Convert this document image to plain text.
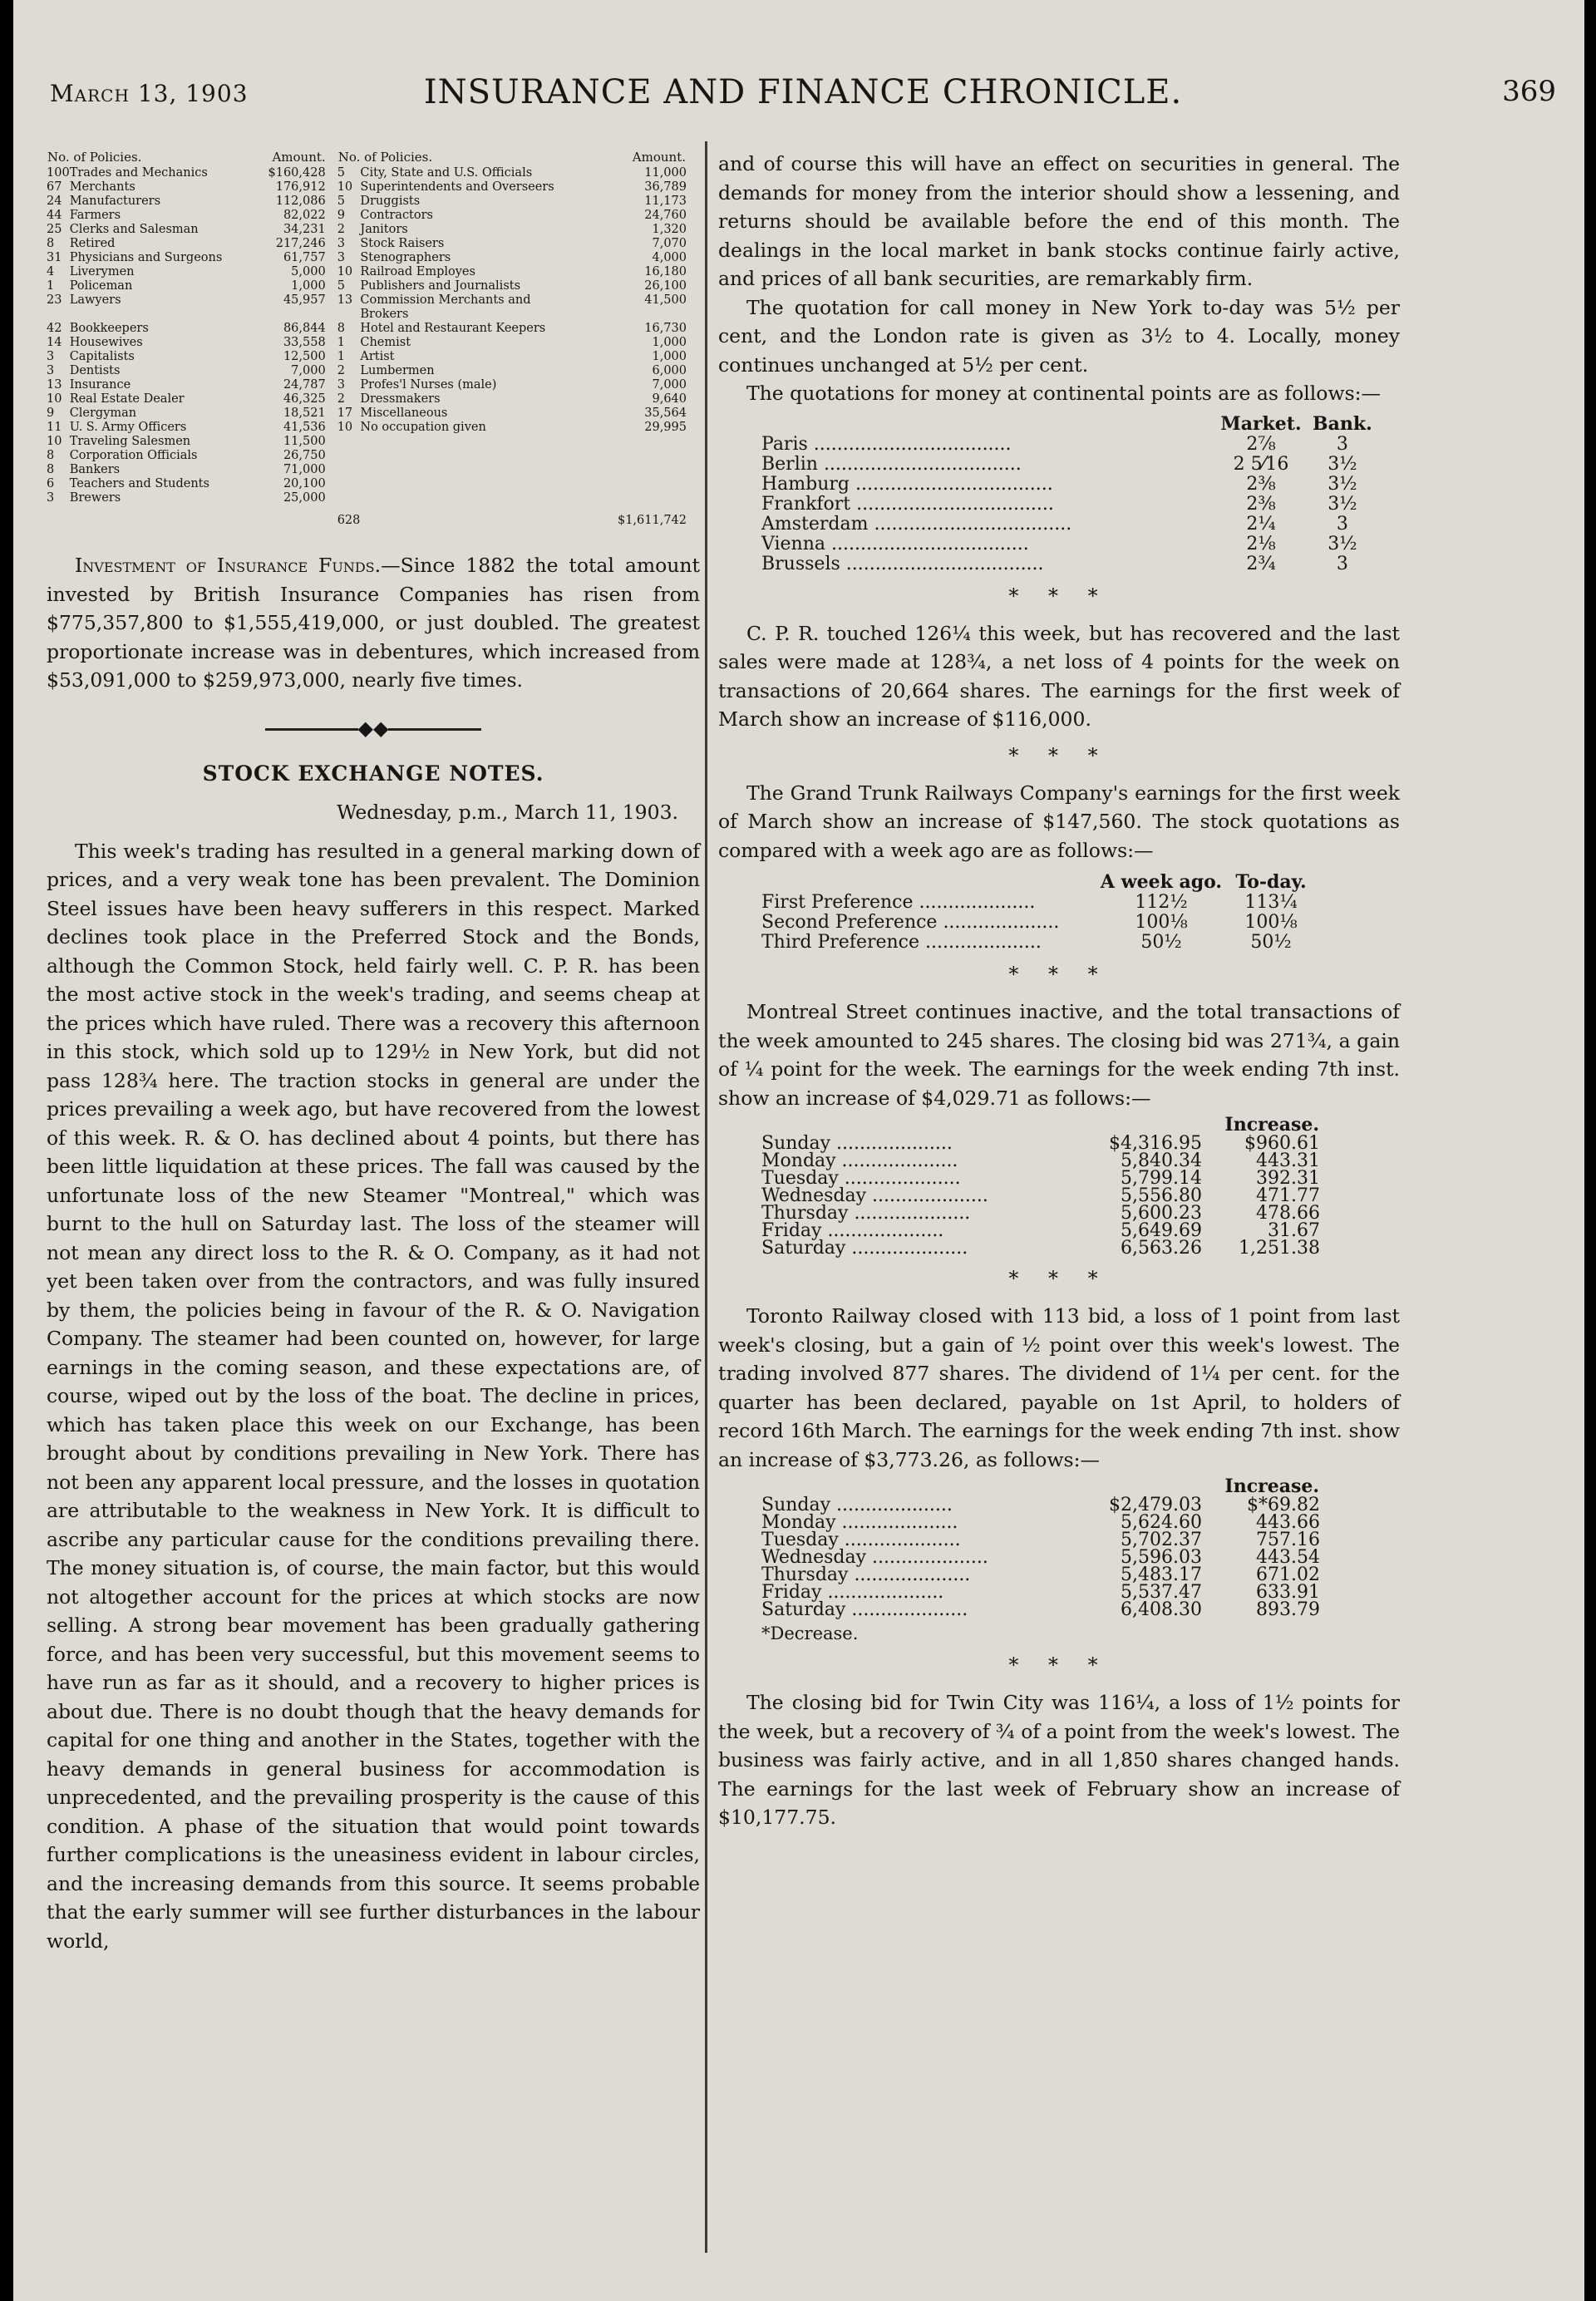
March 13, 1903	INSURANCE AND FINANCE CHRONICLE.	369
No. of Policies.		Amount.	No. of Policies.		Amount.
100	Trades and Mechanics	$160,428	5	City, State and U.S. Officials	11,000
67	Merchants	176,912	10	Superintendents and Overseers	36,789
24	Manufacturers	112,086	5	Druggists	11,173
44	Farmers	82,022	9	Contractors	24,760
25	Clerks and Salesman	34,231	2	Janitors	1,320
8	Retired	217,246	3	Stock Raisers	7,070
31	Physicians and Surgeons	61,757	3	Stenographers	4,000
4	Liverymen	5,000	10	Railroad Employes	16,180
1	Policeman	1,000	5	Publishers and Journalists	26,100
23	Lawyers	45,957	13	Commission Merchants and Brokers	41,500
42	Bookkeepers	86,844	8	Hotel and Restaurant Keepers	16,730
14	Housewives	33,558	1	Chemist	1,000
3	Capitalists	12,500	1	Artist	1,000
3	Dentists	7,000	2	Lumbermen	6,000
13	Insurance	24,787	3	Profes'l Nurses (male)	7,000
10	Real Estate Dealer	46,325	2	Dressmakers	9,640
9	Clergyman	18,521	17	Miscellaneous	35,564
11	U. S. Army Officers	41,536	10	No occupation given	29,995
10	Traveling Salesmen	11,500			
8	Corporation Officials	26,750			
8	Bankers	71,000			
6	Teachers and Students	20,100			
3	Brewers	25,000			
			628		$1,611,742

Investment of Insurance Funds.—Since 1882 the total amount invested by British Insurance Companies has risen from $775,357,800 to $1,555,419,000, or just doubled. The greatest proportionate increase was in debentures, which increased from $53,091,000 to $259,973,000, nearly five times.

◆◆
STOCK EXCHANGE NOTES.
Wednesday, p.m., March 11, 1903.

This week's trading has resulted in a general marking down of prices, and a very weak tone has been prevalent. The Dominion Steel issues have been heavy sufferers in this respect. Marked declines took place in the Preferred Stock and the Bonds, although the Common Stock, held fairly well. C. P. R. has been the most active stock in the week's trading, and seems cheap at the prices which have ruled. There was a recovery this afternoon in this stock, which sold up to 129½ in New York, but did not pass 128¾ here. The traction stocks in general are under the prices prevailing a week ago, but have recovered from the lowest of this week. R. & O. has declined about 4 points, but there has been little liquidation at these prices. The fall was caused by the unfortunate loss of the new Steamer "Montreal," which was burnt to the hull on Saturday last. The loss of the steamer will not mean any direct loss to the R. & O. Company, as it had not yet been taken over from the contractors, and was fully insured by them, the policies being in favour of the R. & O. Navigation Company. The steamer had been counted on, however, for large earnings in the coming season, and these expectations are, of course, wiped out by the loss of the boat. The decline in prices, which has taken place this week on our Exchange, has been brought about by conditions prevailing in New York. There has not been any apparent local pressure, and the losses in quotation are attributable to the weakness in New York. It is difficult to ascribe any particular cause for the conditions prevailing there. The money situation is, of course, the main factor, but this would not altogether account for the prices at which stocks are now selling. A strong bear movement has been gradually gathering force, and has been very successful, but this movement seems to have run as far as it should, and a recovery to higher prices is about due. There is no doubt though that the heavy demands for capital for one thing and another in the States, together with the heavy demands in general business for accommodation is unprecedented, and the prevailing prosperity is the cause of this condition. A phase of the situation that would point towards further complications is the uneasiness evident in labour circles, and the increasing demands from this source. It seems probable that the early summer will see further disturbances in the labour world,

and of course this will have an effect on securities in general. The demands for money from the interior should show a lessening, and returns should be available before the end of this month. The dealings in the local market in bank stocks continue fairly active, and prices of all bank securities, are remarkably firm.

The quotation for call money in New York to-day was 5½ per cent, and the London rate is given as 3½ to 4. Locally, money continues unchanged at 5½ per cent.

The quotations for money at continental points are as follows:—

	Market.	Bank.
Paris ..................................	2⅞	3
Berlin ..................................	2 5⁄16	3½
Hamburg ..................................	2⅜	3½
Frankfort ..................................	2⅜	3½
Amsterdam ..................................	2¼	3
Vienna ..................................	2⅛	3½
Brussels ..................................	2¾	3
* * *

C. P. R. touched 126¼ this week, but has recovered and the last sales were made at 128¾, a net loss of 4 points for the week on transactions of 20,664 shares. The earnings for the first week of March show an increase of $116,000.

* * *

The Grand Trunk Railways Company's earnings for the first week of March show an increase of $147,560. The stock quotations as compared with a week ago are as follows:—

	A week ago.	To-day.
First Preference ....................	112½	113¼
Second Preference ....................	100⅛	100⅛
Third Preference ....................	50½	50½
* * *

Montreal Street continues inactive, and the total transactions of the week amounted to 245 shares. The closing bid was 271¾, a gain of ¼ point for the week. The earnings for the week ending 7th inst. show an increase of $4,029.71 as follows:—

		Increase.
Sunday ....................	$4,316.95	$960.61
Monday ....................	5,840.34	443.31
Tuesday ....................	5,799.14	392.31
Wednesday ....................	5,556.80	471.77
Thursday ....................	5,600.23	478.66
Friday ....................	5,649.69	31.67
Saturday ....................	6,563.26	1,251.38
* * *

Toronto Railway closed with 113 bid, a loss of 1 point from last week's closing, but a gain of ½ point over this week's lowest. The trading involved 877 shares. The dividend of 1¼ per cent. for the quarter has been declared, payable on 1st April, to holders of record 16th March. The earnings for the week ending 7th inst. show an increase of $3,773.26, as follows:—

		Increase.
Sunday ....................	$2,479.03	$*69.82
Monday ....................	5,624.60	443.66
Tuesday ....................	5,702.37	757.16
Wednesday ....................	5,596.03	443.54
Thursday ....................	5,483.17	671.02
Friday ....................	5,537.47	633.91
Saturday ....................	6,408.30	893.79
*Decrease.
* * *

The closing bid for Twin City was 116¼, a loss of 1½ points for the week, but a recovery of ¾ of a point from the week's lowest. The business was fairly active, and in all 1,850 shares changed hands. The earnings for the last week of February show an increase of $10,177.75.
